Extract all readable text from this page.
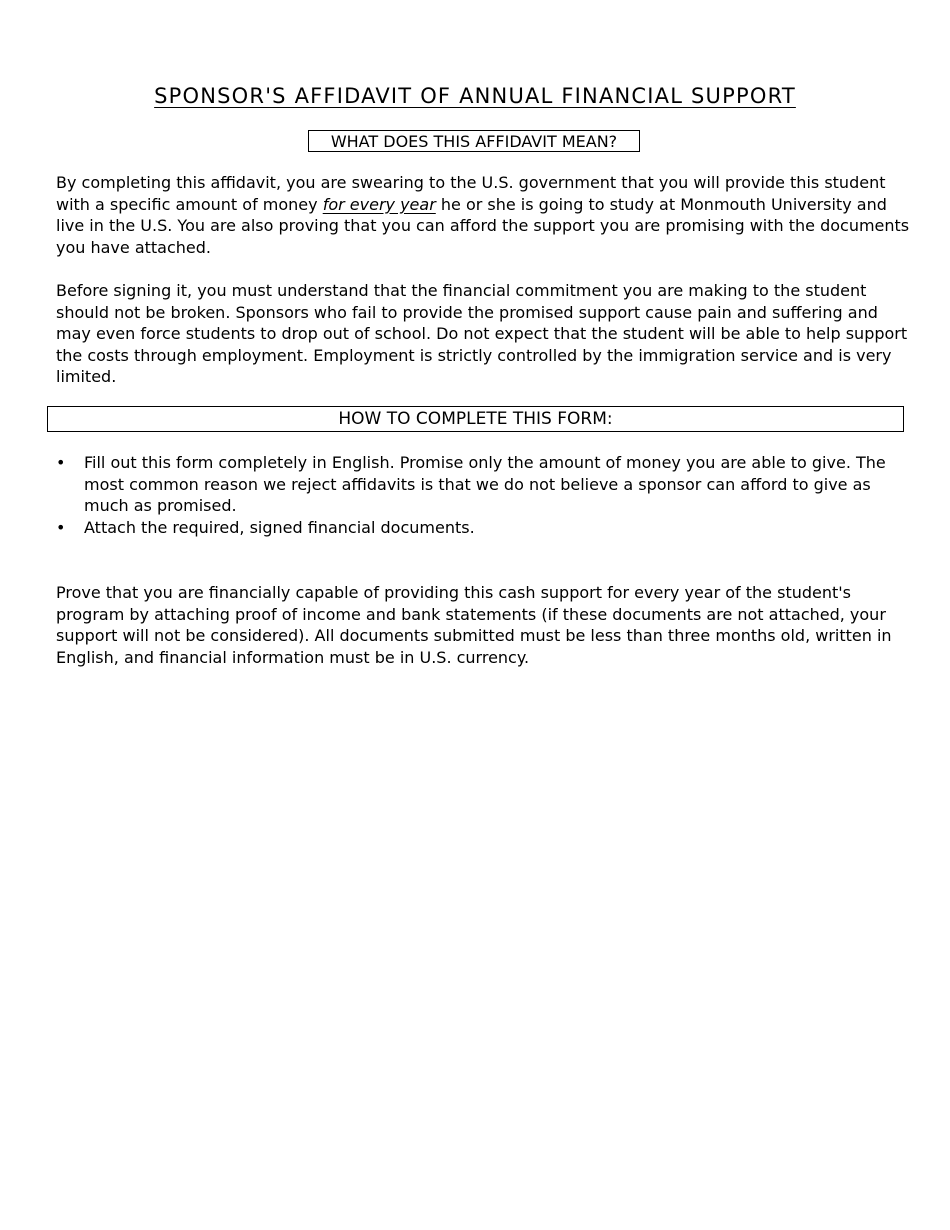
SPONSOR'S AFFIDAVIT OF ANNUAL FINANCIAL SUPPORT
WHAT DOES THIS AFFIDAVIT MEAN?

By completing this affidavit, you are swearing to the U.S. government that you will provide this student with a specific amount of money for every year he or she is going to study at Monmouth University and live in the U.S. You are also proving that you can afford the support you are promising with the documents you have attached.

Before signing it, you must understand that the financial commitment you are making to the student should not be broken. Sponsors who fail to provide the promised support cause pain and suffering and may even force students to drop out of school. Do not expect that the student will be able to help support the costs through employment. Employment is strictly controlled by the immigration service and is very limited.

HOW TO COMPLETE THIS FORM:

• Fill out this form completely in English. Promise only the amount of money you are able to give. The most common reason we reject affidavits is that we do not believe a sponsor can afford to give as much as promised.

• Attach the required, signed financial documents.

Prove that you are financially capable of providing this cash support for every year of the student's program by attaching proof of income and bank statements (if these documents are not attached, your support will not be considered). All documents submitted must be less than three months old, written in English, and financial information must be in U.S. currency.
